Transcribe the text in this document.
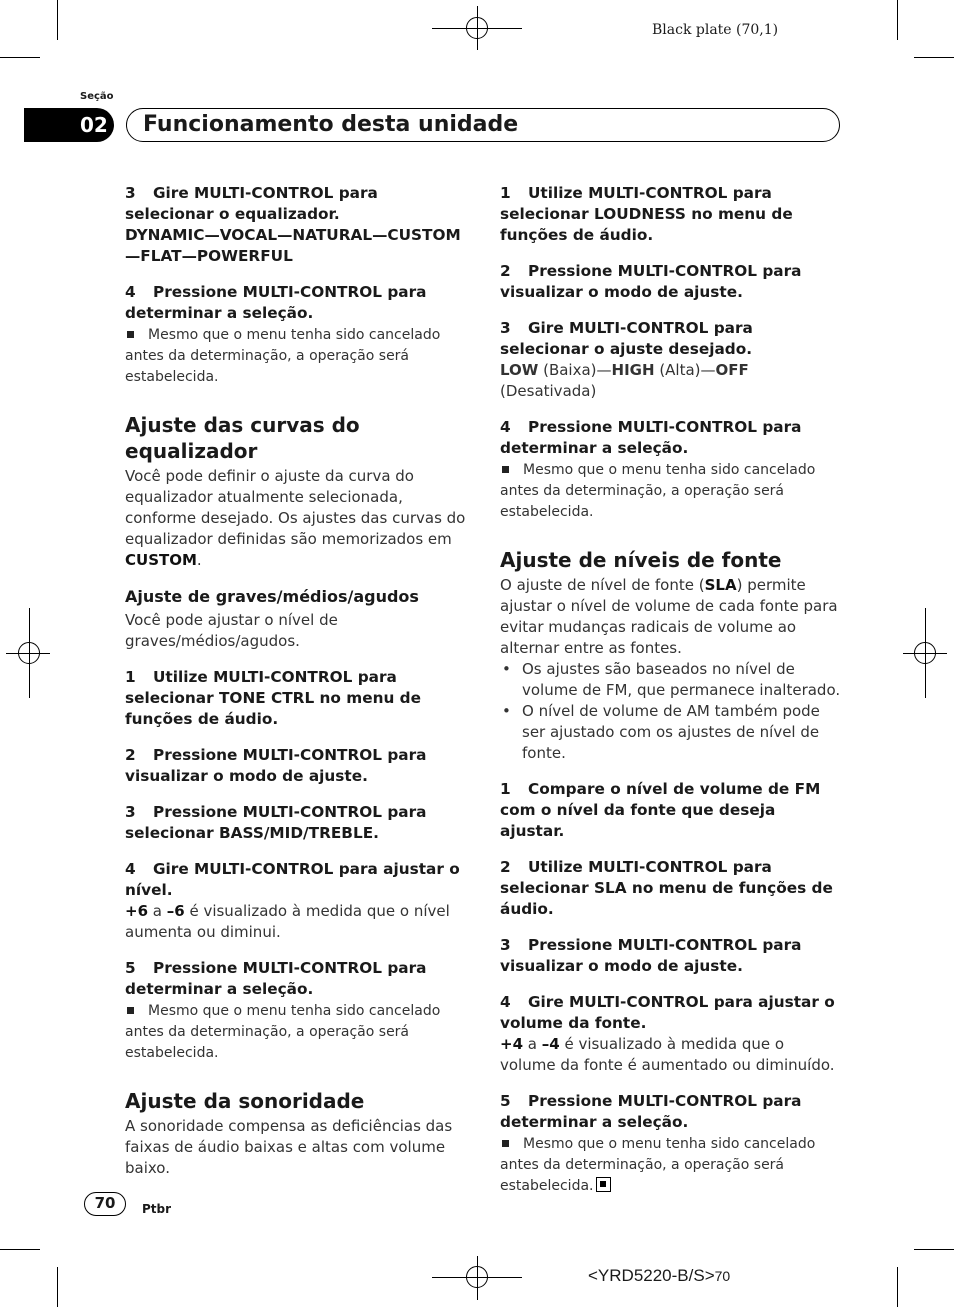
Black plate (70,1)
Seção
02	Funcionamento desta unidade
3 Gire MULTI-CONTROL para selecionar o equalizador.
DYNAMIC—VOCAL—NATURAL—CUSTOM—FLAT—POWERFUL
4 Pressione MULTI-CONTROL para determinar a seleção.
Mesmo que o menu tenha sido cancelado antes da determinação, a operação será estabelecida.
Ajuste das curvas do equalizador
Você pode definir o ajuste da curva do equalizador atualmente selecionada, conforme desejado. Os ajustes das curvas do equalizador definidas são memorizados em CUSTOM.
Ajuste de graves/médios/agudos
Você pode ajustar o nível de graves/médios/agudos.
1 Utilize MULTI-CONTROL para selecionar TONE CTRL no menu de funções de áudio.
2 Pressione MULTI-CONTROL para visualizar o modo de ajuste.
3 Pressione MULTI-CONTROL para selecionar BASS/MID/TREBLE.
4 Gire MULTI-CONTROL para ajustar o nível.
+6 a –6 é visualizado à medida que o nível aumenta ou diminui.
5 Pressione MULTI-CONTROL para determinar a seleção.
Mesmo que o menu tenha sido cancelado antes da determinação, a operação será estabelecida.
Ajuste da sonoridade
A sonoridade compensa as deficiências das faixas de áudio baixas e altas com volume baixo.
1 Utilize MULTI-CONTROL para selecionar LOUDNESS no menu de funções de áudio.
2 Pressione MULTI-CONTROL para visualizar o modo de ajuste.
3 Gire MULTI-CONTROL para selecionar o ajuste desejado.
LOW (Baixa)—HIGH (Alta)—OFF (Desativada)
4 Pressione MULTI-CONTROL para determinar a seleção.
Mesmo que o menu tenha sido cancelado antes da determinação, a operação será estabelecida.
Ajuste de níveis de fonte
O ajuste de nível de fonte (SLA) permite ajustar o nível de volume de cada fonte para evitar mudanças radicais de volume ao alternar entre as fontes.
• Os ajustes são baseados no nível de volume de FM, que permanece inalterado.
• O nível de volume de AM também pode ser ajustado com os ajustes de nível de fonte.
1 Compare o nível de volume de FM com o nível da fonte que deseja ajustar.
2 Utilize MULTI-CONTROL para selecionar SLA no menu de funções de áudio.
3 Pressione MULTI-CONTROL para visualizar o modo de ajuste.
4 Gire MULTI-CONTROL para ajustar o volume da fonte.
+4 a –4 é visualizado à medida que o volume da fonte é aumentado ou diminuído.
5 Pressione MULTI-CONTROL para determinar a seleção.
Mesmo que o menu tenha sido cancelado antes da determinação, a operação será estabelecida.
70	Ptbr
<YRD5220-B/S>70
